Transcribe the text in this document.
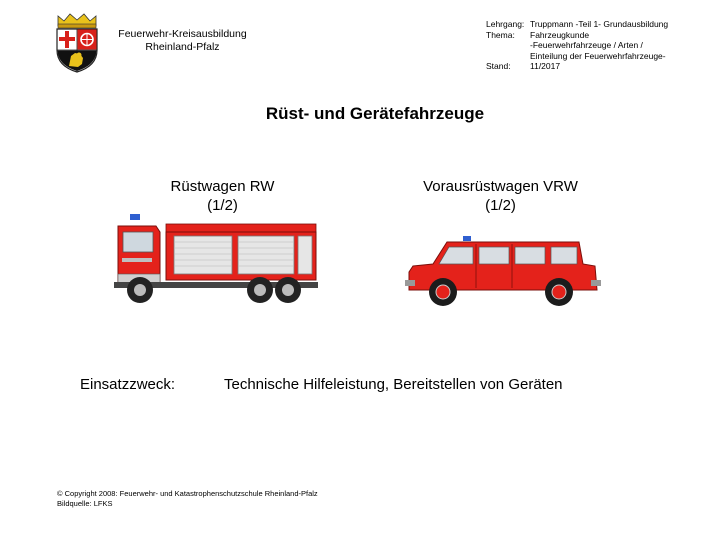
Feuerwehr-Kreisausbildung
Rheinland-Pfalz
Lehrgang: Truppmann -Teil 1- Grundausbildung
Thema:	Fahrzeugkunde
-Feuerwehrfahrzeuge / Arten /
Einteilung der Feuerwehrfahrzeuge-
Stand:	11/2017
Rüst- und Gerätefahrzeuge
Rüstwagen RW
(1/2)
Vorausrüstwagen VRW
(1/2)
Einsatzzweck:	Technische Hilfeleistung, Bereitstellen von Geräten
© Copyright 2008: Feuerwehr- und Katastrophenschutzschule Rheinland-Pfalz
Bildquelle: LFKS
